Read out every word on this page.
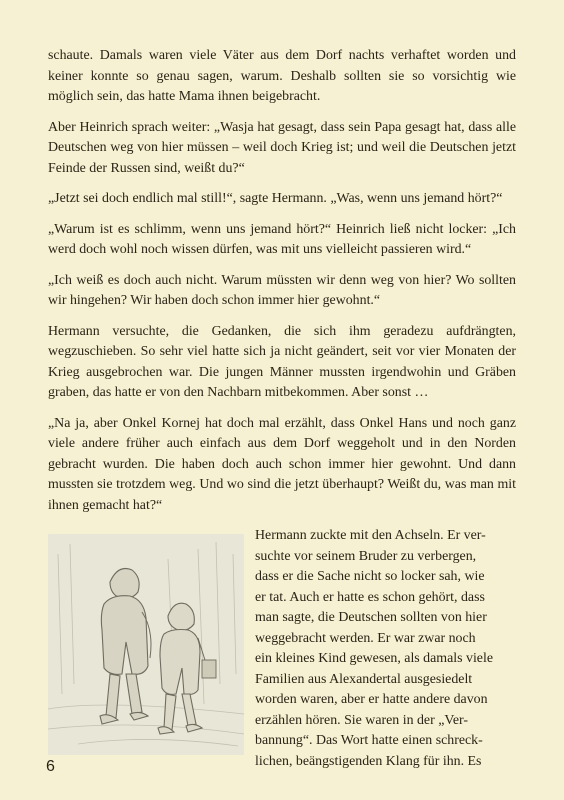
schaute. Damals waren viele Väter aus dem Dorf nachts verhaftet worden und keiner konnte so genau sagen, warum. Deshalb sollten sie so vorsichtig wie möglich sein, das hatte Mama ihnen beigebracht.

Aber Heinrich sprach weiter: „Wasja hat gesagt, dass sein Papa gesagt hat, dass alle Deutschen weg von hier müssen – weil doch Krieg ist; und weil die Deutschen jetzt Feinde der Russen sind, weißt du?“

„Jetzt sei doch endlich mal still!“, sagte Hermann. „Was, wenn uns jemand hört?“

„Warum ist es schlimm, wenn uns jemand hört?“ Heinrich ließ nicht locker: „Ich werd doch wohl noch wissen dürfen, was mit uns vielleicht passieren wird.“

„Ich weiß es doch auch nicht. Warum müssten wir denn weg von hier? Wo sollten wir hingehen? Wir haben doch schon immer hier gewohnt.“

Hermann versuchte, die Gedanken, die sich ihm geradezu aufdrängten, wegzuschieben. So sehr viel hatte sich ja nicht geändert, seit vor vier Monaten der Krieg ausgebrochen war. Die jungen Männer mussten irgendwohin und Gräben graben, das hatte er von den Nachbarn mitbekommen. Aber sonst …

„Na ja, aber Onkel Kornej hat doch mal erzählt, dass Onkel Hans und noch ganz viele andere früher auch einfach aus dem Dorf weggeholt und in den Norden gebracht wurden. Die haben doch auch schon immer hier gewohnt. Und dann mussten sie trotzdem weg. Und wo sind die jetzt überhaupt? Weißt du, was man mit ihnen gemacht hat?“

Hermann zuckte mit den Achseln. Er ver-
suchte vor seinem Bruder zu verbergen,
dass er die Sache nicht so locker sah, wie
er tat. Auch er hatte es schon gehört, dass
man sagte, die Deutschen sollten von hier
weggebracht werden. Er war zwar noch
ein kleines Kind gewesen, als damals viele
Familien aus Alexandertal ausgesiedelt
worden waren, aber er hatte andere davon
erzählen hören. Sie waren in der „Ver-
bannung“. Das Wort hatte einen schreck-
lichen, beängstigenden Klang für ihn. Es
6
